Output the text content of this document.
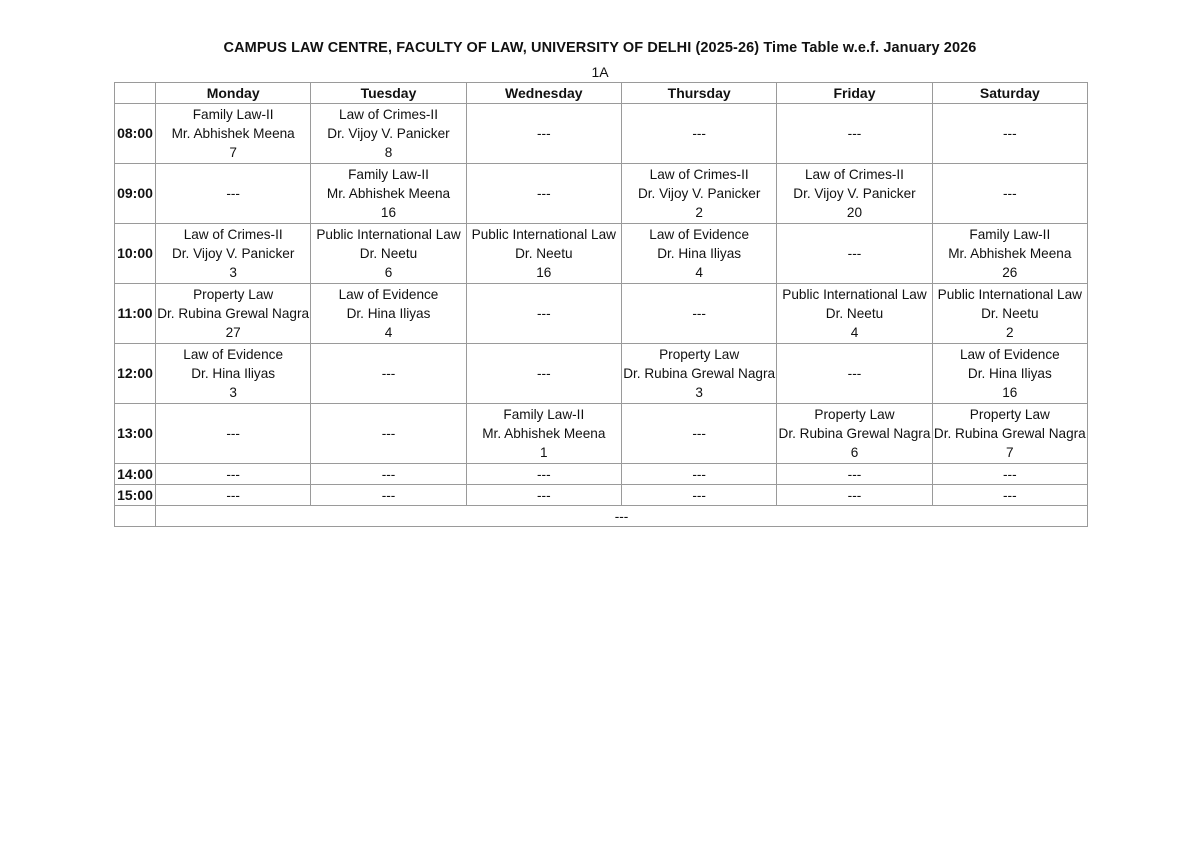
CAMPUS LAW CENTRE, FACULTY OF LAW, UNIVERSITY OF DELHI (2025-26) Time Table w.e.f. January 2026
1A
	Monday	Tuesday	Wednesday	Thursday	Friday	Saturday
08:00	Family Law-II
Mr. Abhishek Meena
7	Law of Crimes-II
Dr. Vijoy V. Panicker
8	---	---	---	---

09:00	---	Family Law-II
Mr. Abhishek Meena
16	---	Law of Crimes-II
Dr. Vijoy V. Panicker
2	Law of Crimes-II
Dr. Vijoy V. Panicker
20	---

10:00	Law of Crimes-II
Dr. Vijoy V. Panicker
3	Public International Law
Dr. Neetu
6	Public International Law
Dr. Neetu
16	Law of Evidence
Dr. Hina Iliyas
4	---	Family Law-II
Mr. Abhishek Meena
26

11:00	Property Law
Dr. Rubina Grewal Nagra
27	Law of Evidence
Dr. Hina Iliyas
4	---	---	Public International Law
Dr. Neetu
4	Public International Law
Dr. Neetu
2

12:00	Law of Evidence
Dr. Hina Iliyas
3	---	---	Property Law
Dr. Rubina Grewal Nagra
3	---	Law of Evidence
Dr. Hina Iliyas
16

13:00	---	---	Family Law-II
Mr. Abhishek Meena
1	---	Property Law
Dr. Rubina Grewal Nagra
6	Property Law
Dr. Rubina Grewal Nagra
7

14:00	---	---	---	---	---	---

15:00	---	---	---	---	---	---

	---					
